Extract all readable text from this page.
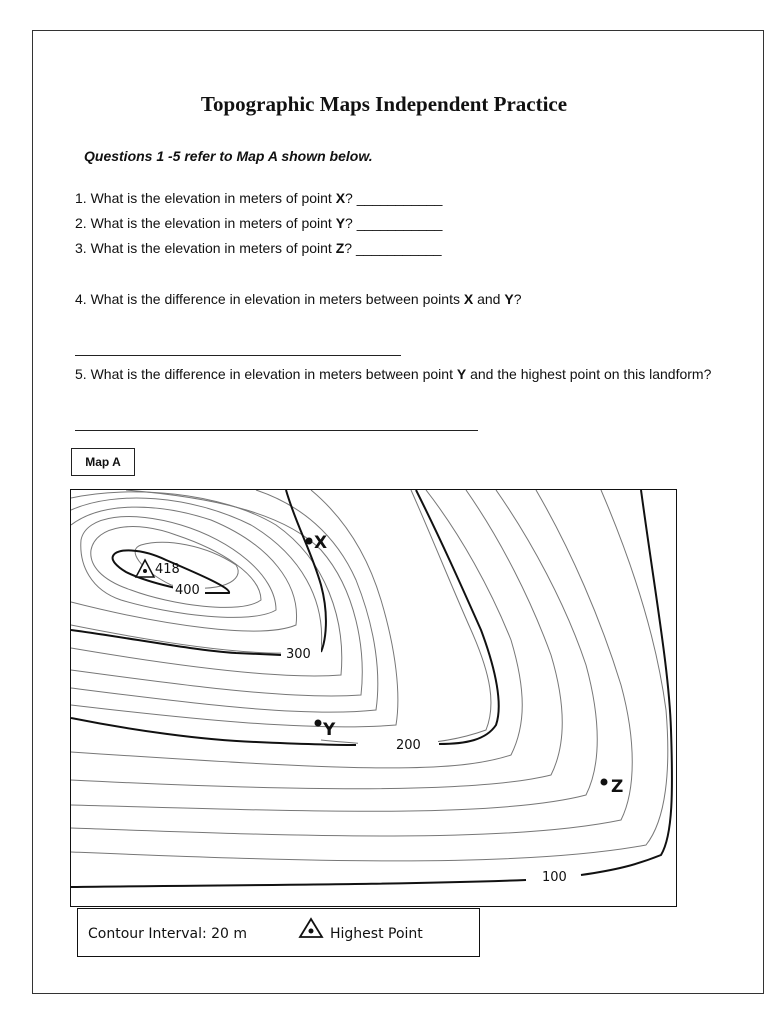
Topographic Maps Independent Practice
Questions 1 -5 refer to Map A shown below.
1. What is the elevation in meters of point X? ___________
2. What is the elevation in meters of point Y? ___________
3. What is the elevation in meters of point Z? ___________
4. What is the difference in elevation in meters between points X and Y?
5. What is the difference in elevation in meters between point Y and the highest point on this landform?
Map A
418
400
300
200
100
X
Y
Z
Contour Interval: 20 m	Highest Point
